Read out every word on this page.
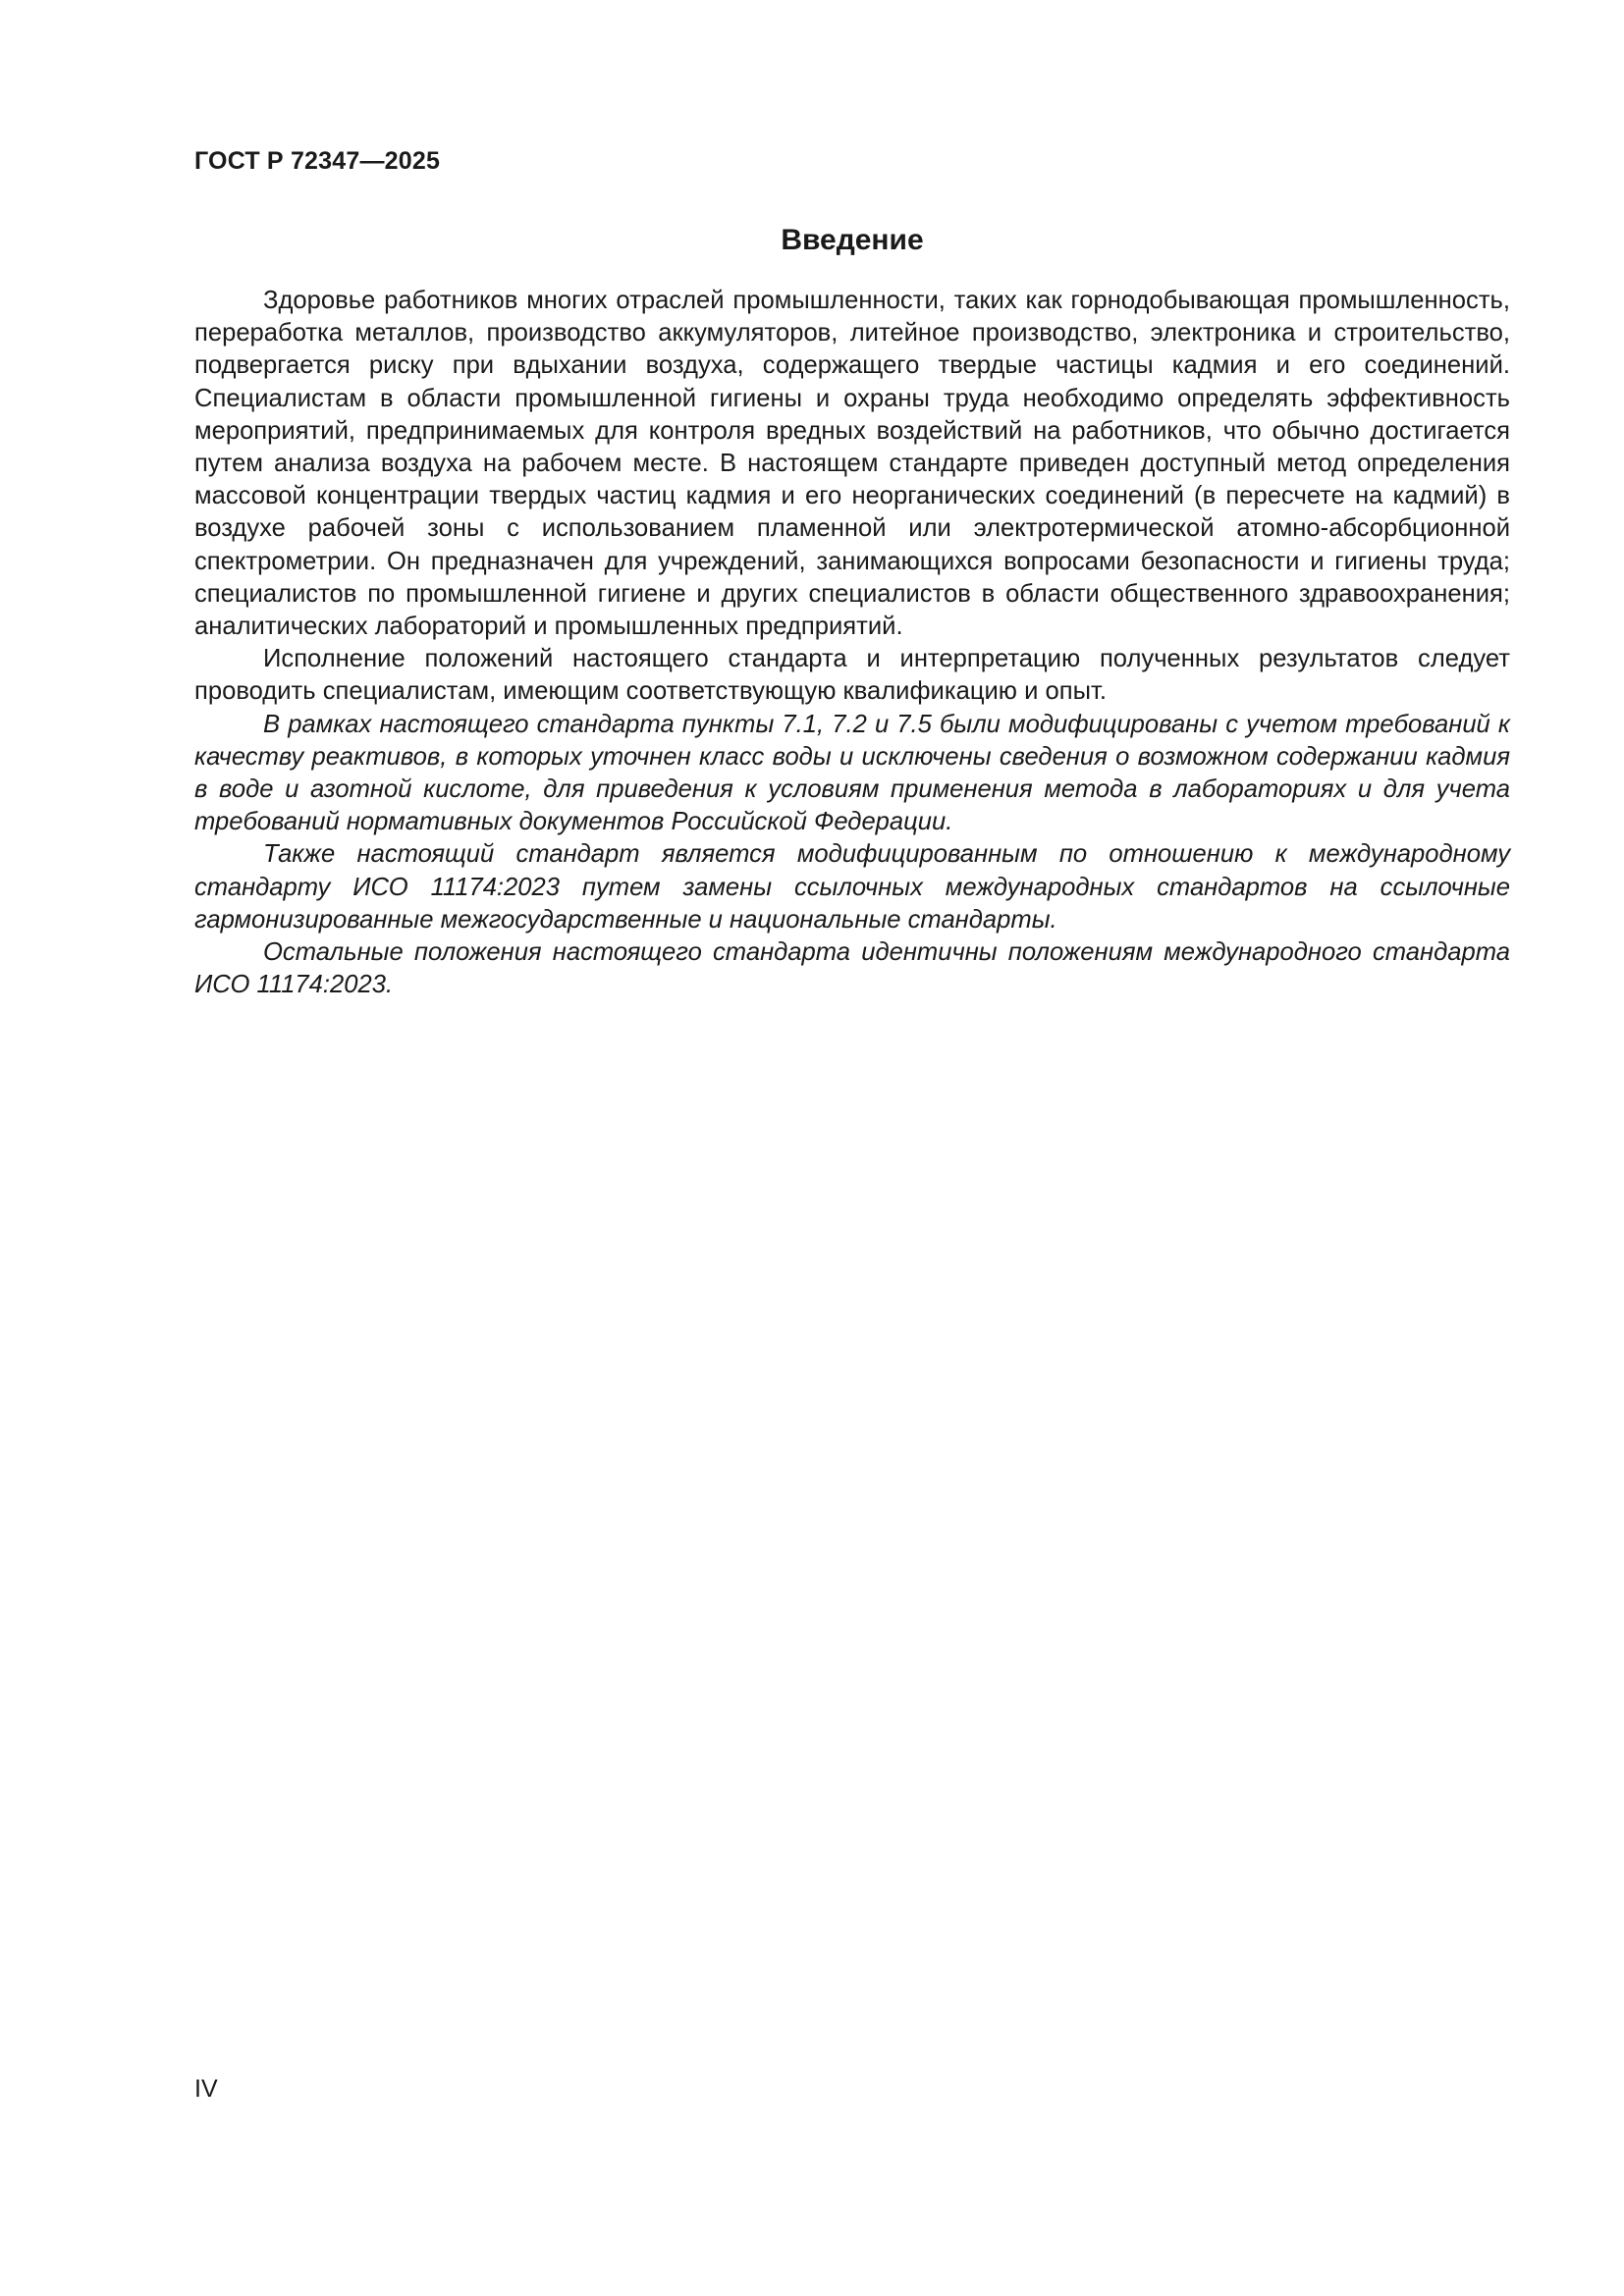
ГОСТ Р 72347—2025
Введение

Здоровье работников многих отраслей промышленности, таких как горнодобывающая промышленность, переработка металлов, производство аккумуляторов, литейное производство, электроника и строительство, подвергается риску при вдыхании воздуха, содержащего твердые частицы кадмия и его соединений. Специалистам в области промышленной гигиены и охраны труда необходимо определять эффективность мероприятий, предпринимаемых для контроля вредных воздействий на работников, что обычно достигается путем анализа воздуха на рабочем месте. В настоящем стандарте приведен доступный метод определения массовой концентрации твердых частиц кадмия и его неорганических соединений (в пересчете на кадмий) в воздухе рабочей зоны с использованием пламенной или электротермической атомно-абсорбционной спектрометрии. Он предназначен для учреждений, занимающихся вопросами безопасности и гигиены труда; специалистов по промышленной гигиене и других специалистов в области общественного здравоохранения; аналитических лабораторий и промышленных предприятий.

Исполнение положений настоящего стандарта и интерпретацию полученных результатов следует проводить специалистам, имеющим соответствующую квалификацию и опыт.

В рамках настоящего стандарта пункты 7.1, 7.2 и 7.5 были модифицированы с учетом требований к качеству реактивов, в которых уточнен класс воды и исключены сведения о возможном содержании кадмия в воде и азотной кислоте, для приведения к условиям применения метода в лабораториях и для учета требований нормативных документов Российской Федерации.

Также настоящий стандарт является модифицированным по отношению к международному стандарту ИСО 11174:2023 путем замены ссылочных международных стандартов на ссылочные гармонизированные межгосударственные и национальные стандарты.

Остальные положения настоящего стандарта идентичны положениям международного стандарта ИСО 11174:2023.

IV
